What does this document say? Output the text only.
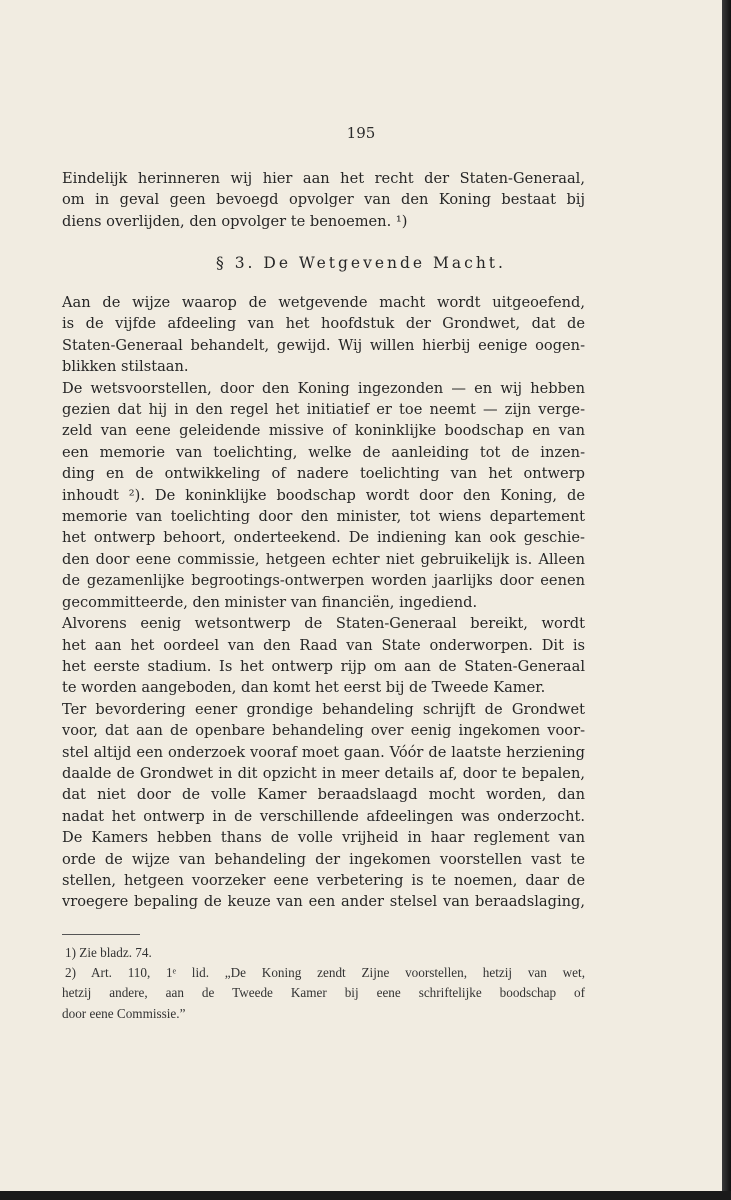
195
Eindelijk herinneren wij hier aan het recht der Staten-Generaal,
om in geval geen bevoegd opvolger van den Koning bestaat bij
diens overlijden, den opvolger te benoemen. ¹)
§ 3. De Wetgevende Macht.
Aan de wijze waarop de wetgevende macht wordt uitgeoefend,
is de vijfde afdeeling van het hoofdstuk der Grondwet, dat de
Staten-Generaal behandelt, gewijd. Wij willen hierbij eenige oogen-
blikken stilstaan.
De wetsvoorstellen, door den Koning ingezonden — en wij hebben
gezien dat hij in den regel het initiatief er toe neemt — zijn verge-
zeld van eene geleidende missive of koninklijke boodschap en van
een memorie van toelichting, welke de aanleiding tot de inzen-
ding en de ontwikkeling of nadere toelichting van het ontwerp
inhoudt ²). De koninklijke boodschap wordt door den Koning, de
memorie van toelichting door den minister, tot wiens departement
het ontwerp behoort, onderteekend. De indiening kan ook geschie-
den door eene commissie, hetgeen echter niet gebruikelijk is. Alleen
de gezamenlijke begrootings-ontwerpen worden jaarlijks door eenen
gecommitteerde, den minister van financiën, ingediend.
Alvorens eenig wetsontwerp de Staten-Generaal bereikt, wordt
het aan het oordeel van den Raad van State onderworpen. Dit is
het eerste stadium. Is het ontwerp rijp om aan de Staten-Generaal
te worden aangeboden, dan komt het eerst bij de Tweede Kamer.
Ter bevordering eener grondige behandeling schrijft de Grondwet
voor, dat aan de openbare behandeling over eenig ingekomen voor-
stel altijd een onderzoek vooraf moet gaan. Vóór de laatste herziening
daalde de Grondwet in dit opzicht in meer details af, door te bepalen,
dat niet door de volle Kamer beraadslaagd mocht worden, dan
nadat het ontwerp in de verschillende afdeelingen was onderzocht.
De Kamers hebben thans de volle vrijheid in haar reglement van
orde de wijze van behandeling der ingekomen voorstellen vast te
stellen, hetgeen voorzeker eene verbetering is te noemen, daar de
vroegere bepaling de keuze van een ander stelsel van beraadslaging,
1) Zie bladz. 74.
2) Art. 110, 1ᵉ lid. „De Koning zendt Zijne voorstellen, hetzij van wet,
hetzij andere, aan de Tweede Kamer bij eene schriftelijke boodschap of
door eene Commissie.”
